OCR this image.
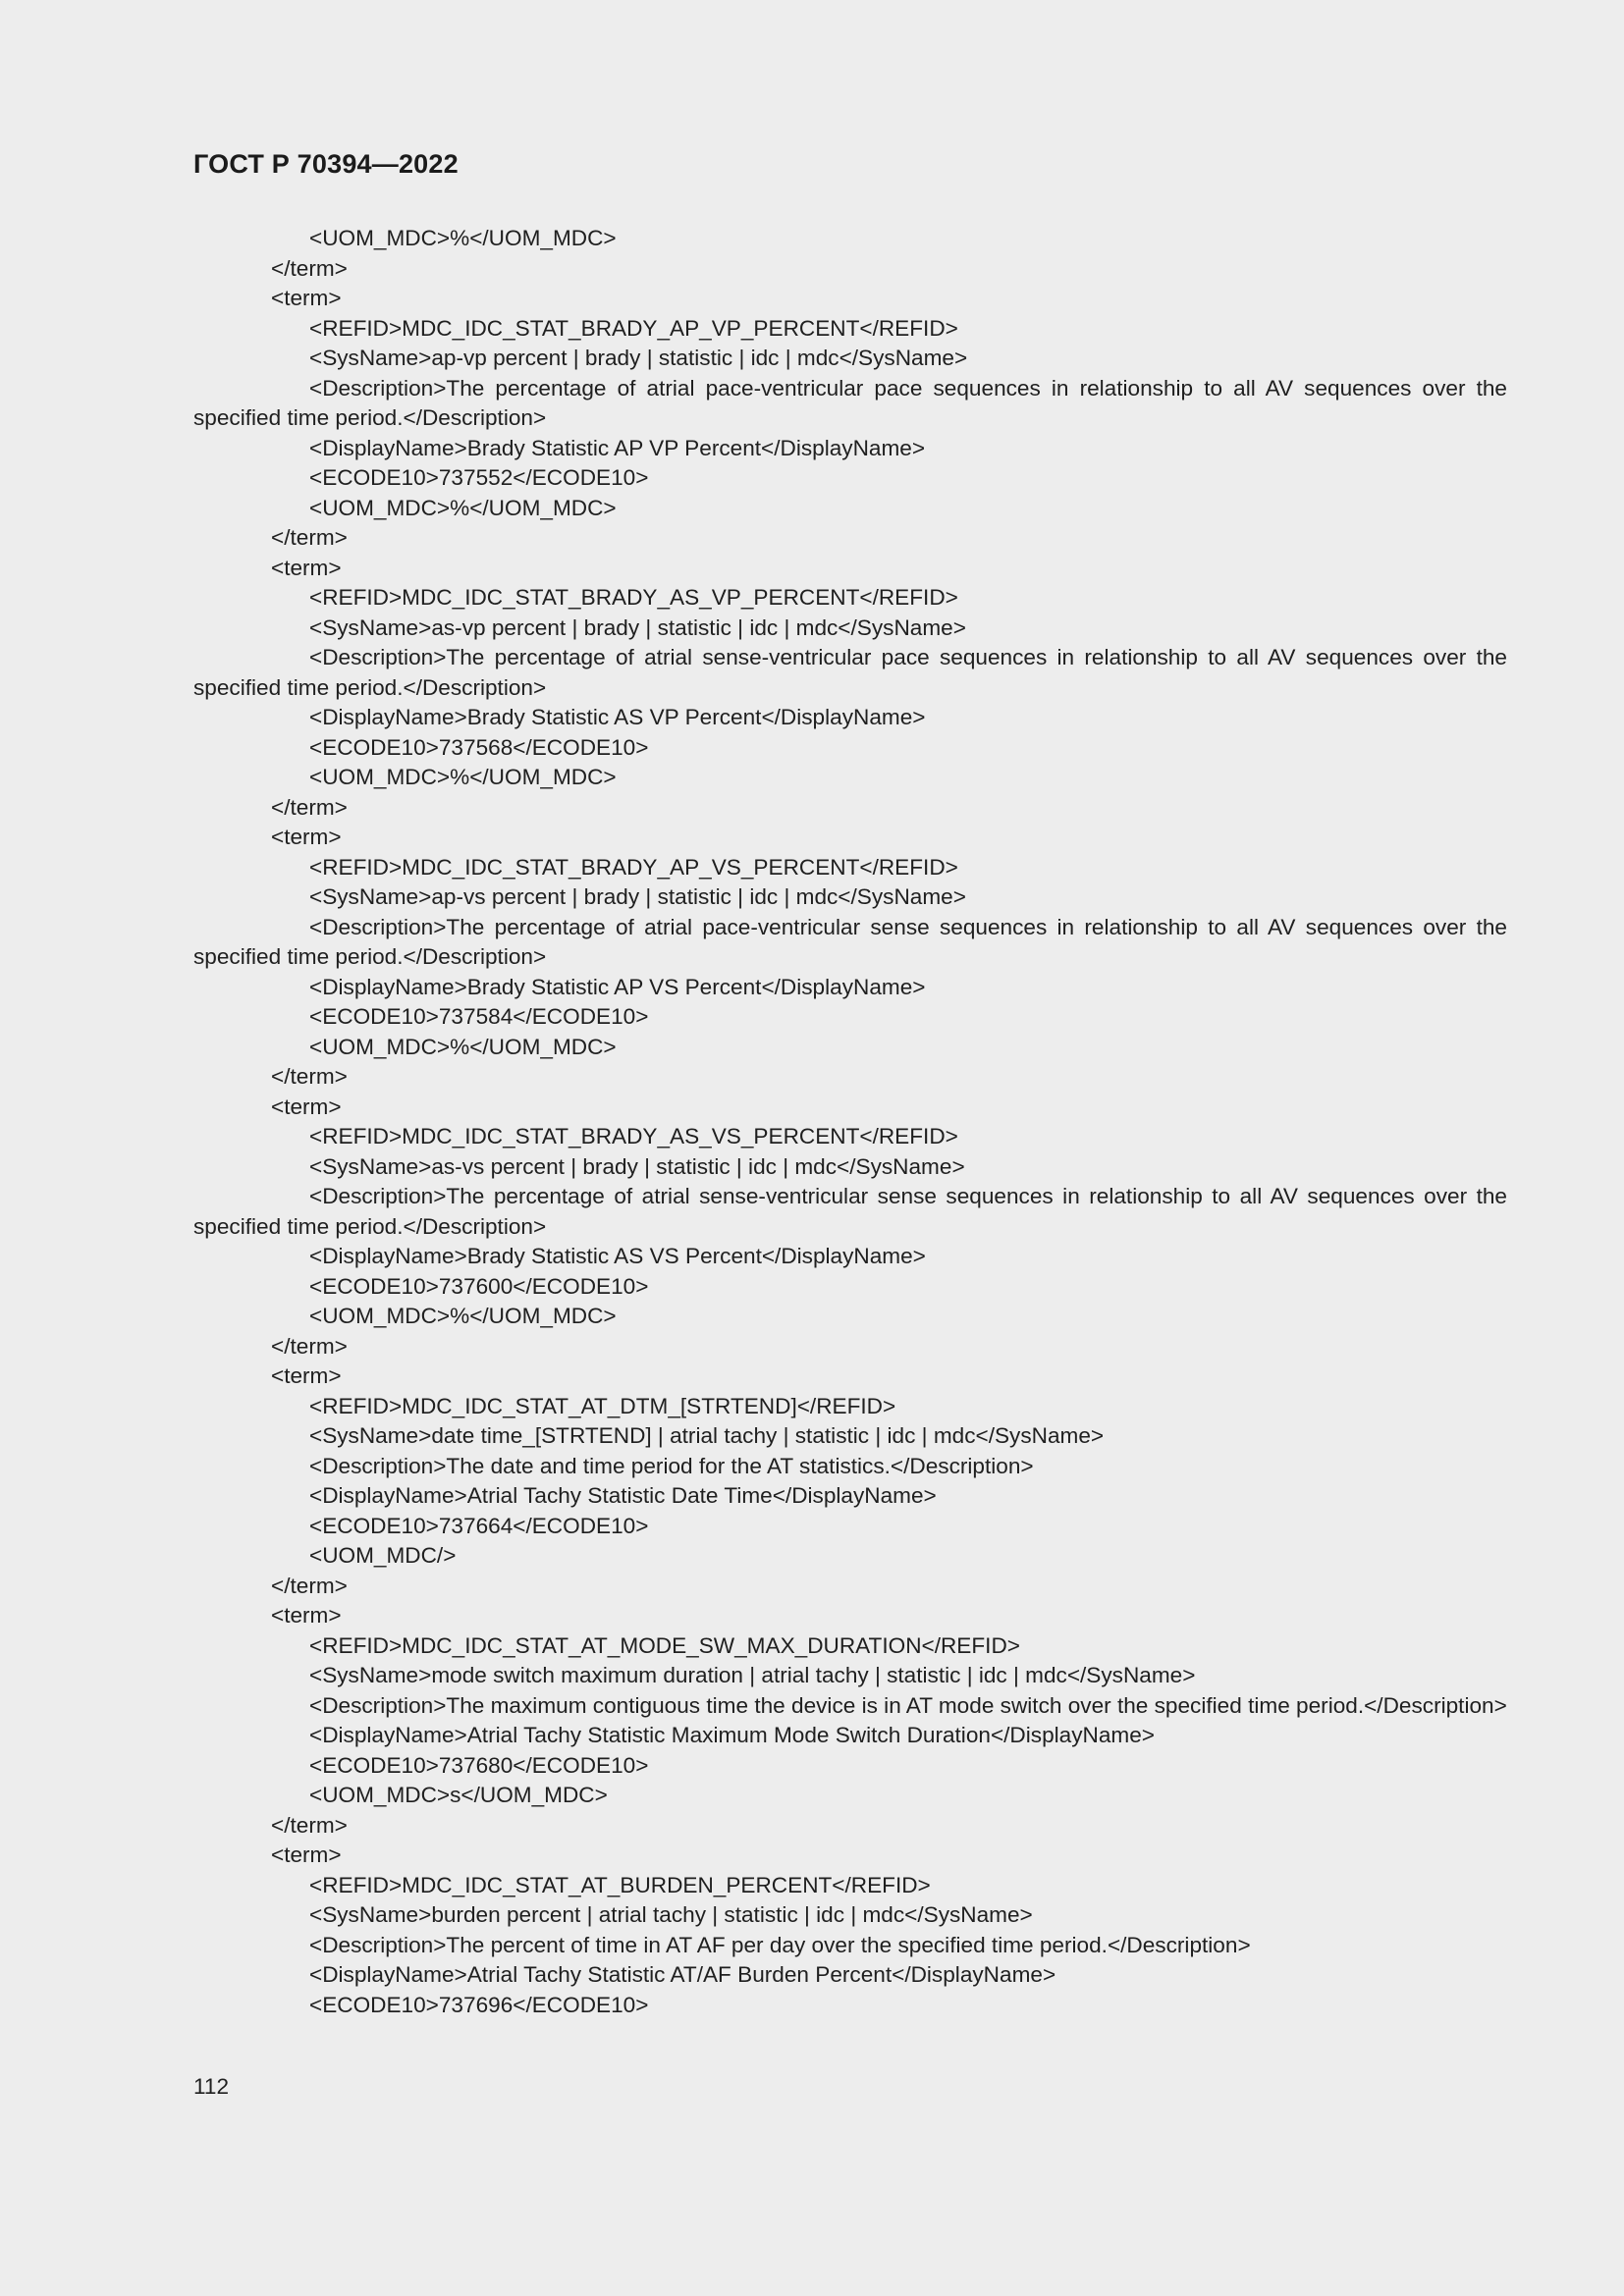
ГОСТ Р 70394—2022
<UOM_MDC>%</UOM_MDC>
</term>
<term>
<REFID>MDC_IDC_STAT_BRADY_AP_VP_PERCENT</REFID>
<SysName>ap-vp percent | brady | statistic | idc | mdc</SysName>
<Description>The percentage of atrial pace-ventricular pace sequences in relationship to all AV sequences over the specified time period.</Description>
<DisplayName>Brady Statistic AP VP Percent</DisplayName>
<ECODE10>737552</ECODE10>
<UOM_MDC>%</UOM_MDC>
</term>
<term>
<REFID>MDC_IDC_STAT_BRADY_AS_VP_PERCENT</REFID>
<SysName>as-vp percent | brady | statistic | idc | mdc</SysName>
<Description>The percentage of atrial sense-ventricular pace sequences in relationship to all AV sequences over the specified time period.</Description>
<DisplayName>Brady Statistic AS VP Percent</DisplayName>
<ECODE10>737568</ECODE10>
<UOM_MDC>%</UOM_MDC>
</term>
<term>
<REFID>MDC_IDC_STAT_BRADY_AP_VS_PERCENT</REFID>
<SysName>ap-vs percent | brady | statistic | idc | mdc</SysName>
<Description>The percentage of atrial pace-ventricular sense sequences in relationship to all AV sequences over the specified time period.</Description>
<DisplayName>Brady Statistic AP VS Percent</DisplayName>
<ECODE10>737584</ECODE10>
<UOM_MDC>%</UOM_MDC>
</term>
<term>
<REFID>MDC_IDC_STAT_BRADY_AS_VS_PERCENT</REFID>
<SysName>as-vs percent | brady | statistic | idc | mdc</SysName>
<Description>The percentage of atrial sense-ventricular sense sequences in relationship to all AV sequences over the specified time period.</Description>
<DisplayName>Brady Statistic AS VS Percent</DisplayName>
<ECODE10>737600</ECODE10>
<UOM_MDC>%</UOM_MDC>
</term>
<term>
<REFID>MDC_IDC_STAT_AT_DTM_[STRTEND]</REFID>
<SysName>date time_[STRTEND] | atrial tachy | statistic | idc | mdc</SysName>
<Description>The date and time period for the AT statistics.</Description>
<DisplayName>Atrial Tachy Statistic Date Time</DisplayName>
<ECODE10>737664</ECODE10>
<UOM_MDC/>
</term>
<term>
<REFID>MDC_IDC_STAT_AT_MODE_SW_MAX_DURATION</REFID>
<SysName>mode switch maximum duration | atrial tachy | statistic | idc | mdc</SysName>
<Description>The maximum contiguous time the device is in AT mode switch over the specified time period.</Description>
<DisplayName>Atrial Tachy Statistic Maximum Mode Switch Duration</DisplayName>
<ECODE10>737680</ECODE10>
<UOM_MDC>s</UOM_MDC>
</term>
<term>
<REFID>MDC_IDC_STAT_AT_BURDEN_PERCENT</REFID>
<SysName>burden percent | atrial tachy | statistic | idc | mdc</SysName>
<Description>The percent of time in AT AF per day over the specified time period.</Description>
<DisplayName>Atrial Tachy Statistic AT/AF Burden Percent</DisplayName>
<ECODE10>737696</ECODE10>
112
